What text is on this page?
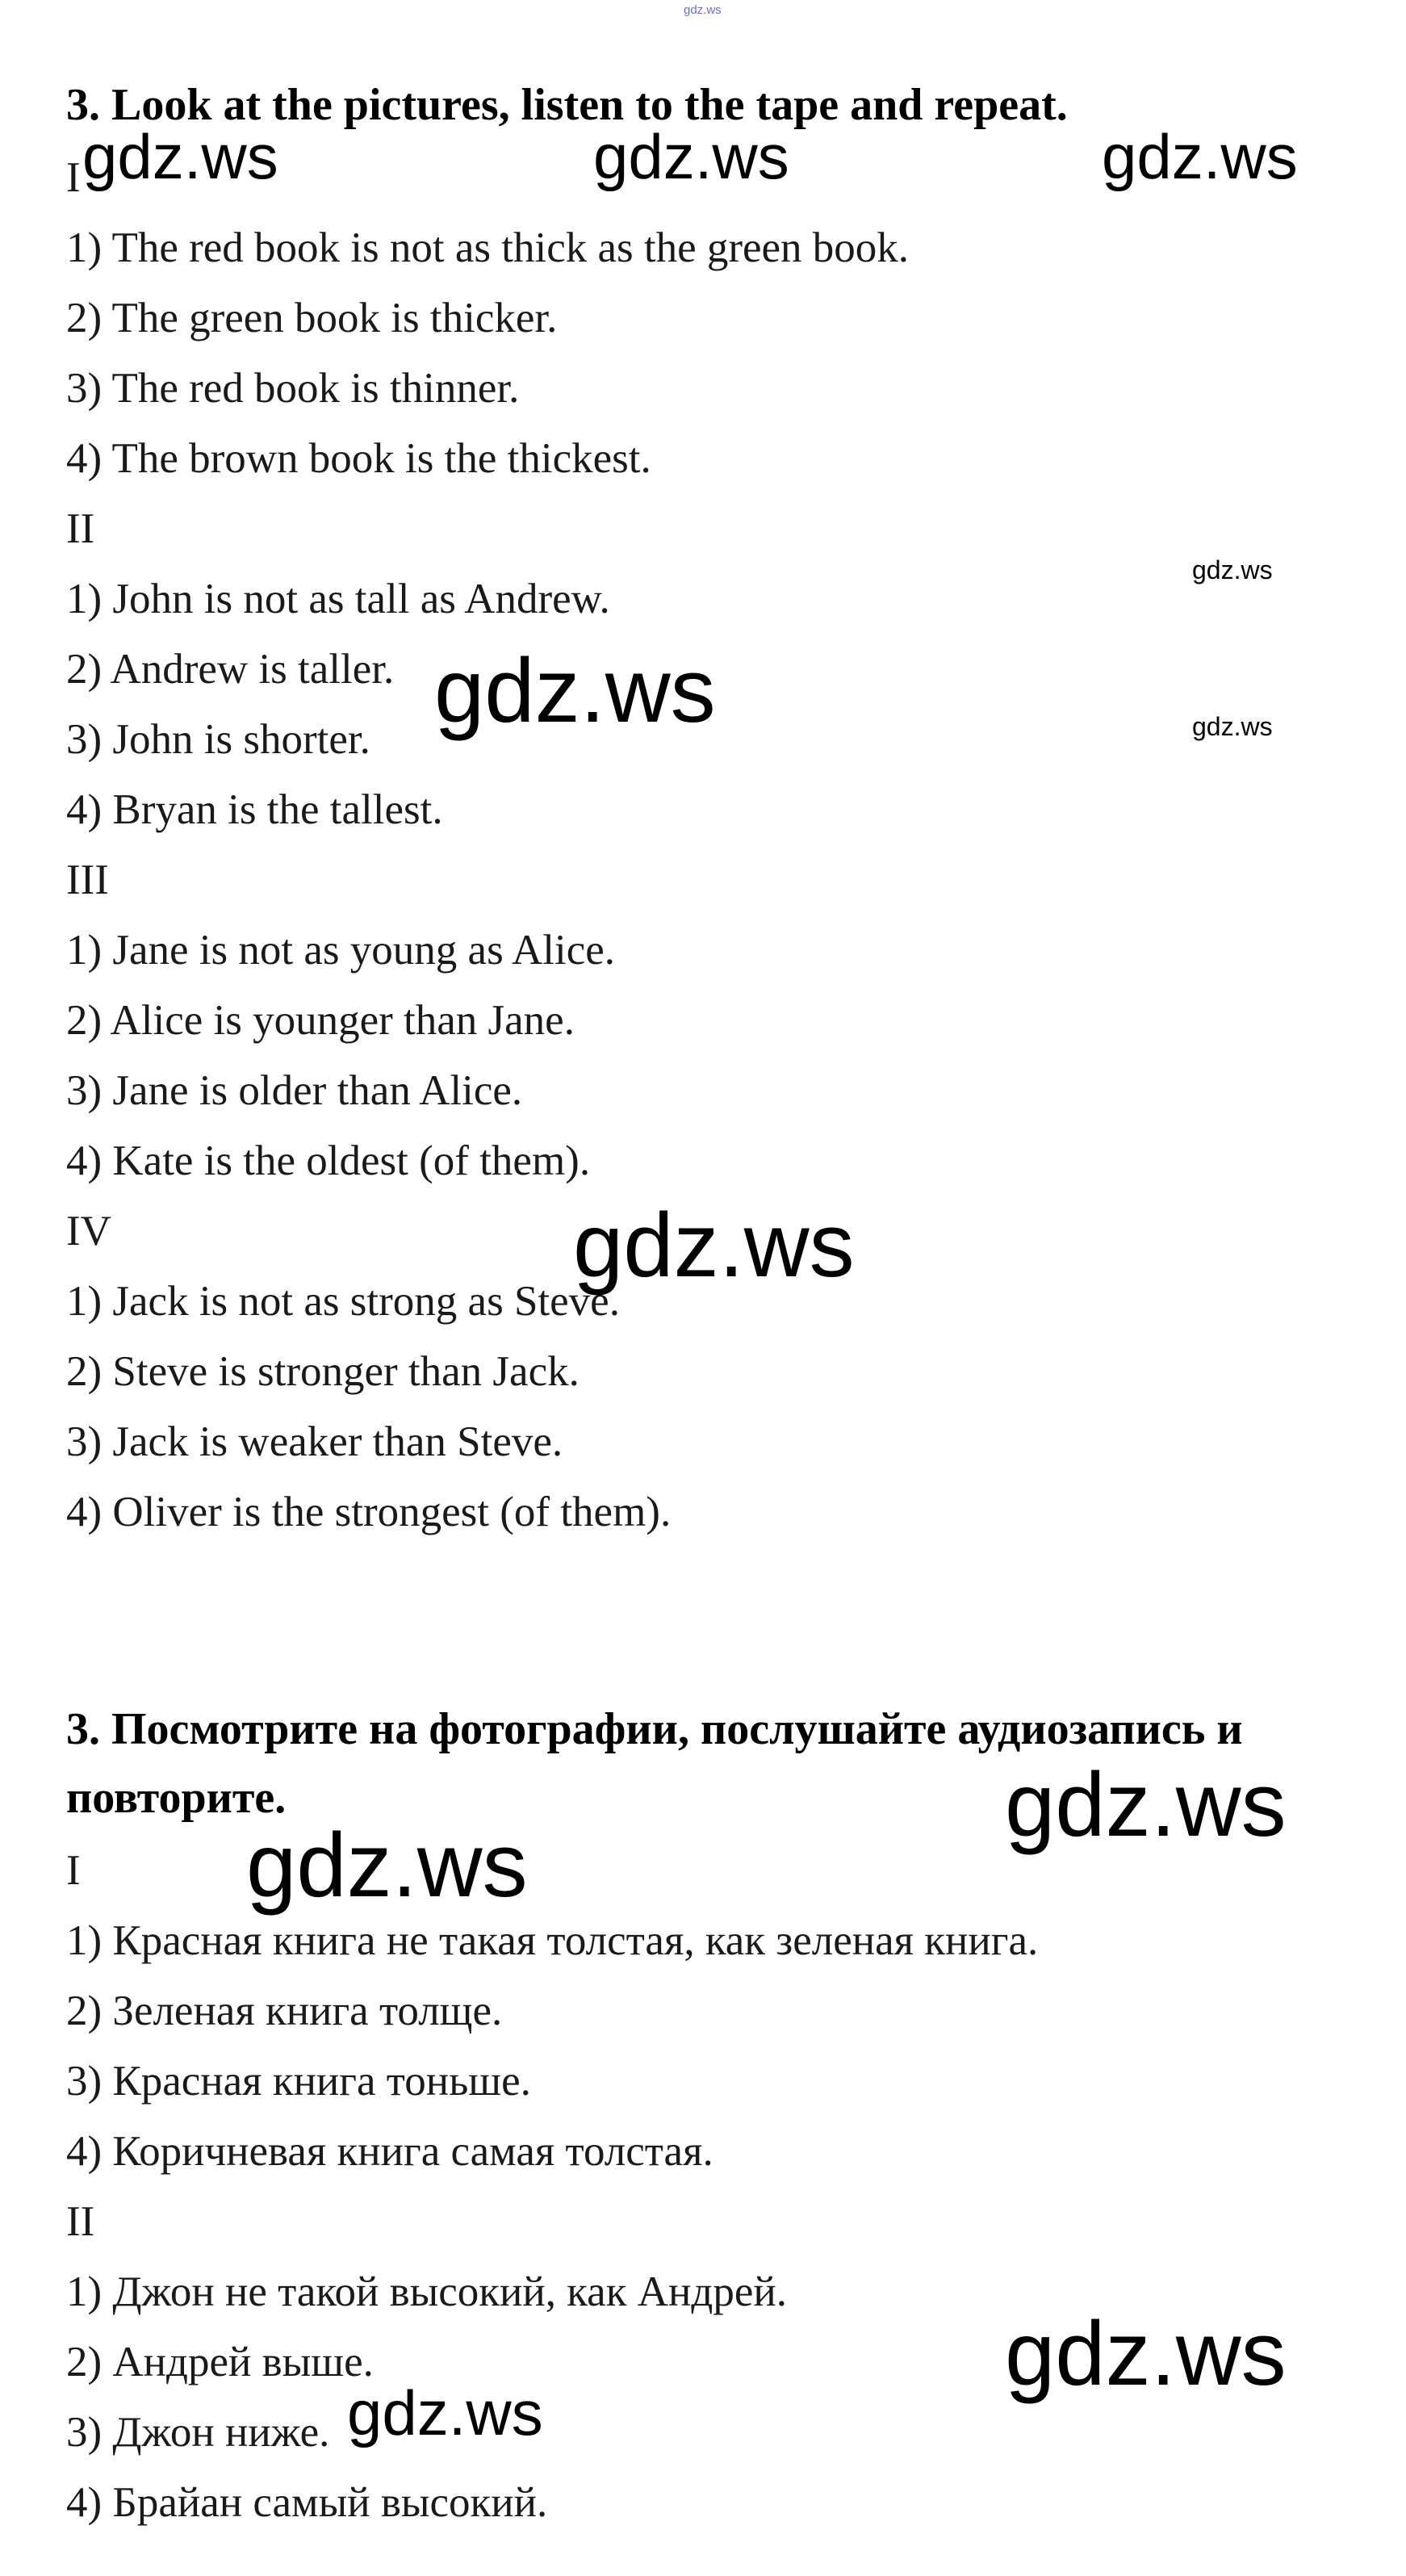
gdz.ws
3. Look at the pictures, listen to the tape and repeat.
I
1) The red book is not as thick as the green book.
2) The green book is thicker.
3) The red book is thinner.
4) The brown book is the thickest.
II
1) John is not as tall as Andrew.
2) Andrew is taller.
3) John is shorter.
4) Bryan is the tallest.
III
1) Jane is not as young as Alice.
2) Alice is younger than Jane.
3) Jane is older than Alice.
4) Kate is the oldest (of them).
IV
1) Jack is not as strong as Steve.
2) Steve is stronger than Jack.
3) Jack is weaker than Steve.
4) Oliver is the strongest (of them).
3. Посмотрите на фотографии, послушайте аудиозапись и
повторите.
I
1) Красная книга не такая толстая, как зеленая книга.
2) Зеленая книга толще.
3) Красная книга тоньше.
4) Коричневая книга самая толстая.
II
1) Джон не такой высокий, как Андрей.
2) Андрей выше.
3) Джон ниже.
4) Брайан самый высокий.
gdz.ws	gdz.ws	gdz.ws
gdz.ws
gdz.ws	gdz.ws
gdz.ws
gdz.ws
gdz.ws
gdz.ws
gdz.ws
